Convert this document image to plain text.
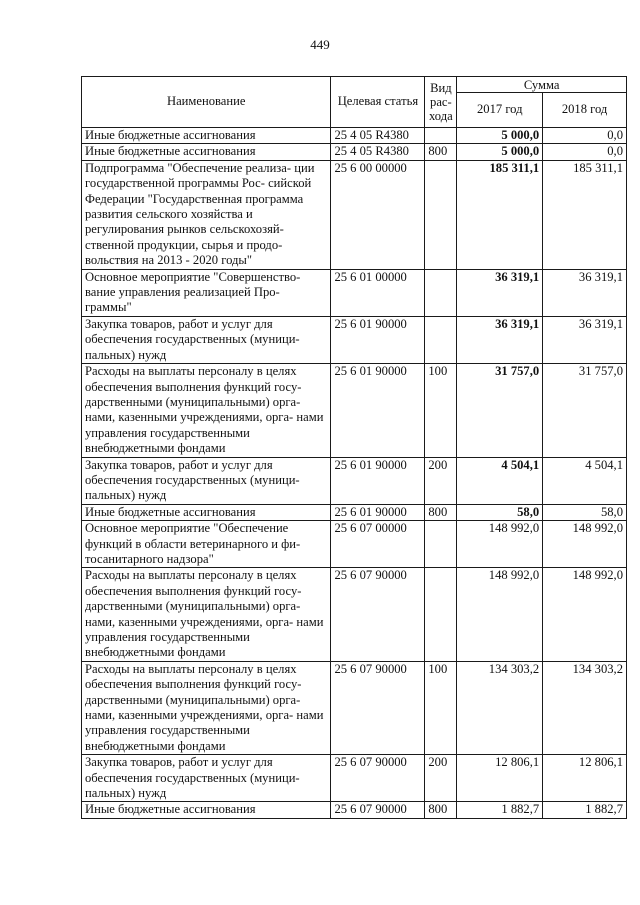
449
Наименование	Целевая статья	Вид рас- хода	Сумма	
			2017 год	2018 год
Иные бюджетные ассигнования	25 4 05 R4380		5 000,0	0,0
Иные бюджетные ассигнования	25 4 05 R4380	800	5 000,0	0,0
Подпрограмма "Обеспечение реализа- ции государственной программы Рос- сийской Федерации "Государственная программа развития сельского хозяйства и регулирования рынков сельскохозяй- ственной продукции, сырья и продо- вольствия на 2013 - 2020 годы"	25 6 00 00000		185 311,1	185 311,1
Основное мероприятие "Совершенство- вание управления реализацией Про- граммы"	25 6 01 00000		36 319,1	36 319,1
Закупка товаров, работ и услуг для обеспечения государственных (муници- пальных) нужд	25 6 01 90000		36 319,1	36 319,1
Расходы на выплаты персоналу в целях обеспечения выполнения функций госу- дарственными (муниципальными) орга- нами, казенными учреждениями, орга- нами управления государственными внебюджетными фондами	25 6 01 90000	100	31 757,0	31 757,0
Закупка товаров, работ и услуг для обеспечения государственных (муници- пальных) нужд	25 6 01 90000	200	4 504,1	4 504,1
Иные бюджетные ассигнования	25 6 01 90000	800	58,0	58,0
Основное мероприятие "Обеспечение функций в области ветеринарного и фи- тосанитарного надзора"	25 6 07 00000		148 992,0	148 992,0
Расходы на выплаты персоналу в целях обеспечения выполнения функций госу- дарственными (муниципальными) орга- нами, казенными учреждениями, орга- нами управления государственными внебюджетными фондами	25 6 07 90000		148 992,0	148 992,0
Расходы на выплаты персоналу в целях обеспечения выполнения функций госу- дарственными (муниципальными) орга- нами, казенными учреждениями, орга- нами управления государственными внебюджетными фондами	25 6 07 90000	100	134 303,2	134 303,2
Закупка товаров, работ и услуг для обеспечения государственных (муници- пальных) нужд	25 6 07 90000	200	12 806,1	12 806,1
Иные бюджетные ассигнования	25 6 07 90000	800	1 882,7	1 882,7
